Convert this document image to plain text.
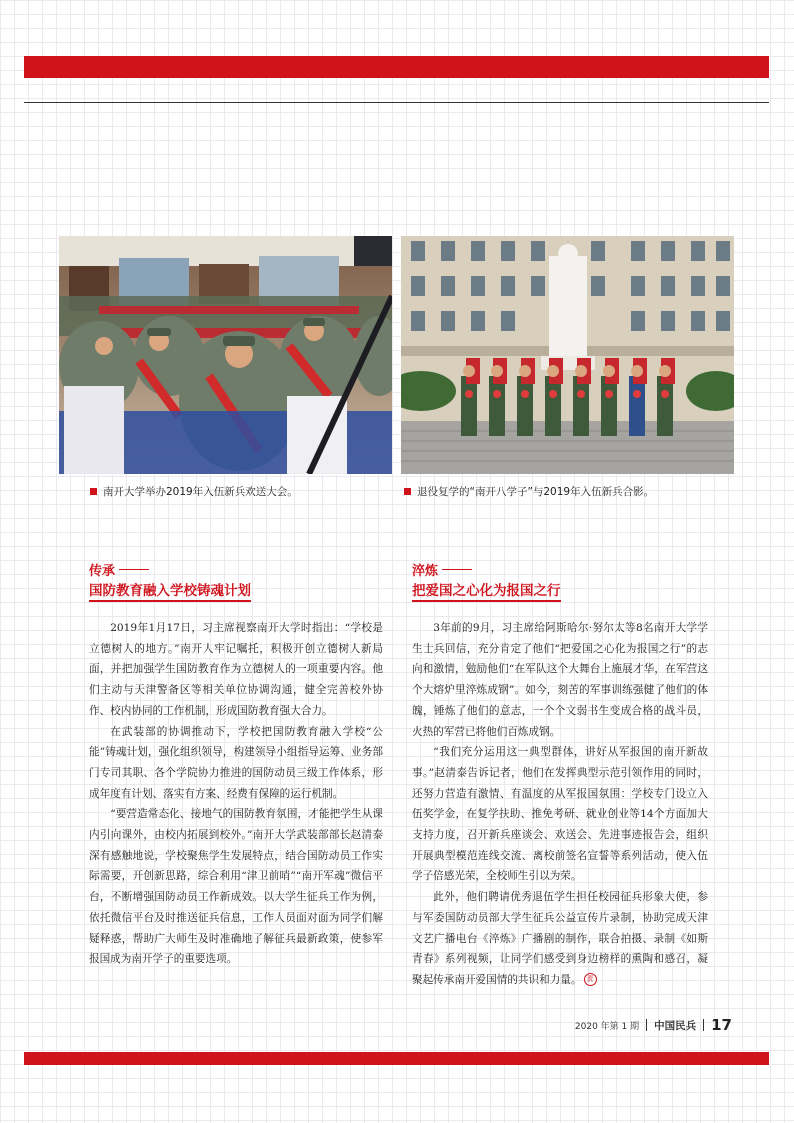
南开大学举办2019年入伍新兵欢送大会。	退役复学的“南开八学子”与2019年入伍新兵合影。
传承
国防教育融入学校铸魂计划

2019年1月17日，习主席视察南开大学时指出：“学校是立德树人的地方。”南开人牢记嘱托，积极开创立德树人新局面，并把加强学生国防教育作为立德树人的一项重要内容。他们主动与天津警备区等相关单位协调沟通，健全完善校外协作、校内协同的工作机制，形成国防教育强大合力。

在武装部的协调推动下，学校把国防教育融入学校“公能”铸魂计划，强化组织领导，构建领导小组指导运筹、业务部门专司其职、各个学院协力推进的国防动员三级工作体系，形成年度有计划、落实有方案、经费有保障的运行机制。

“要营造常态化、接地气的国防教育氛围，才能把学生从课内引向课外，由校内拓展到校外。”南开大学武装部部长赵清泰深有感触地说，学校聚焦学生发展特点，结合国防动员工作实际需要，开创新思路，综合利用“津卫前哨”“南开军魂”微信平台，不断增强国防动员工作新成效。以大学生征兵工作为例，依托微信平台及时推送征兵信息，工作人员面对面为同学们解疑释惑，帮助广大师生及时准确地了解征兵最新政策，使参军报国成为南开学子的重要选项。

淬炼
把爱国之心化为报国之行

3年前的9月，习主席给阿斯哈尔·努尔太等8名南开大学学生士兵回信，充分肯定了他们“把爱国之心化为报国之行”的志向和激情，勉励他们“在军队这个大舞台上施展才华，在军营这个大熔炉里淬炼成钢”。如今，刻苦的军事训练强健了他们的体魄，锤炼了他们的意志，一个个文弱书生变成合格的战斗员，火热的军营已将他们百炼成钢。

“我们充分运用这一典型群体，讲好从军报国的南开新故事。”赵清泰告诉记者，他们在发挥典型示范引领作用的同时，还努力营造有激情、有温度的从军报国氛围：学校专门设立入伍奖学金，在复学扶助、推免考研、就业创业等14个方面加大支持力度，召开新兵座谈会、欢送会、先进事迹报告会，组织开展典型模范连线交流、离校前签名宣誓等系列活动，使入伍学子倍感光荣，全校师生引以为荣。

此外，他们聘请优秀退伍学生担任校园征兵形象大使，参与军委国防动员部大学生征兵公益宣传片录制，协助完成天津文艺广播电台《淬炼》广播剧的制作，联合拍摄、录制《如斯青春》系列视频，让同学们感受到身边榜样的熏陶和感召，凝聚起传承南开爱国情的共识和力量。 责

2020 年第 1 期 中国民兵 17
